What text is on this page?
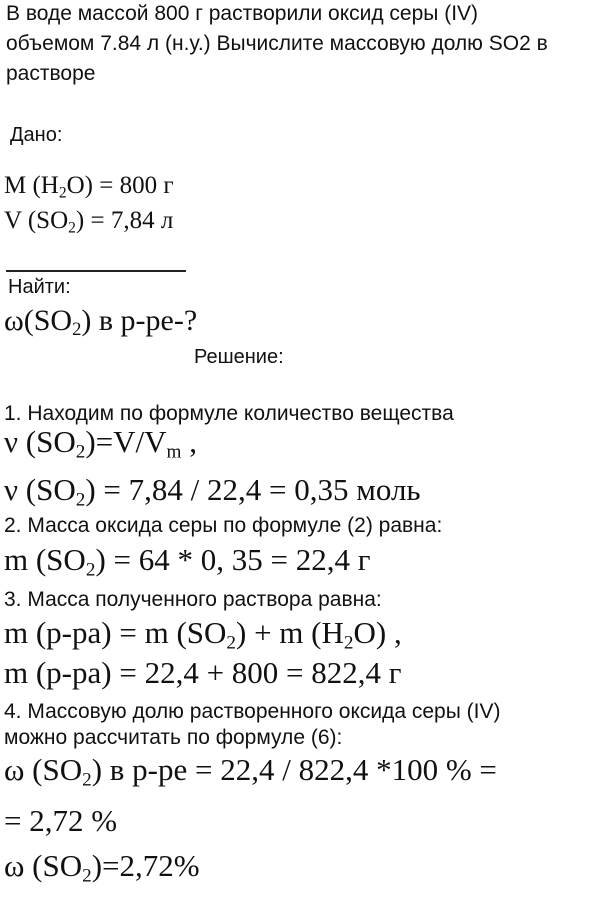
В воде массой 800 г растворили оксид серы (IV)
объемом 7.84 л (н.у.) Вычислите массовую долю SO2 в
растворе
Дано:
M $(H_2O) = 800$ г
V $(SO_2) = 7,84$ л
Найти:
$\omega(SO_2)$ в р-ре-?
Решение:
1. Находим по формуле количество вещества
ν $(SO_2)=V/V_m$ ,
ν $(SO_2) = 7,84 / 22,4 = 0,35$ моль
2. Масса оксида серы по формуле (2) равна:
m $(SO_2) = 64 * 0$, 35 = 22,4 г
3. Масса полученного раствора равна:
m (р-ра) = m $(SO_2) + m$ $(H_2O)$ ,
m (р-ра) = 22,4 + 800 = 822,4 г
4. Массовую долю растворенного оксида серы (IV)
можно рассчитать по формуле (6):
ω $(SO_2)$ в р-ре = 22,4 / 822,4 *100 % =
= 2,72 %
ω $(SO_2)=2,72\%$
